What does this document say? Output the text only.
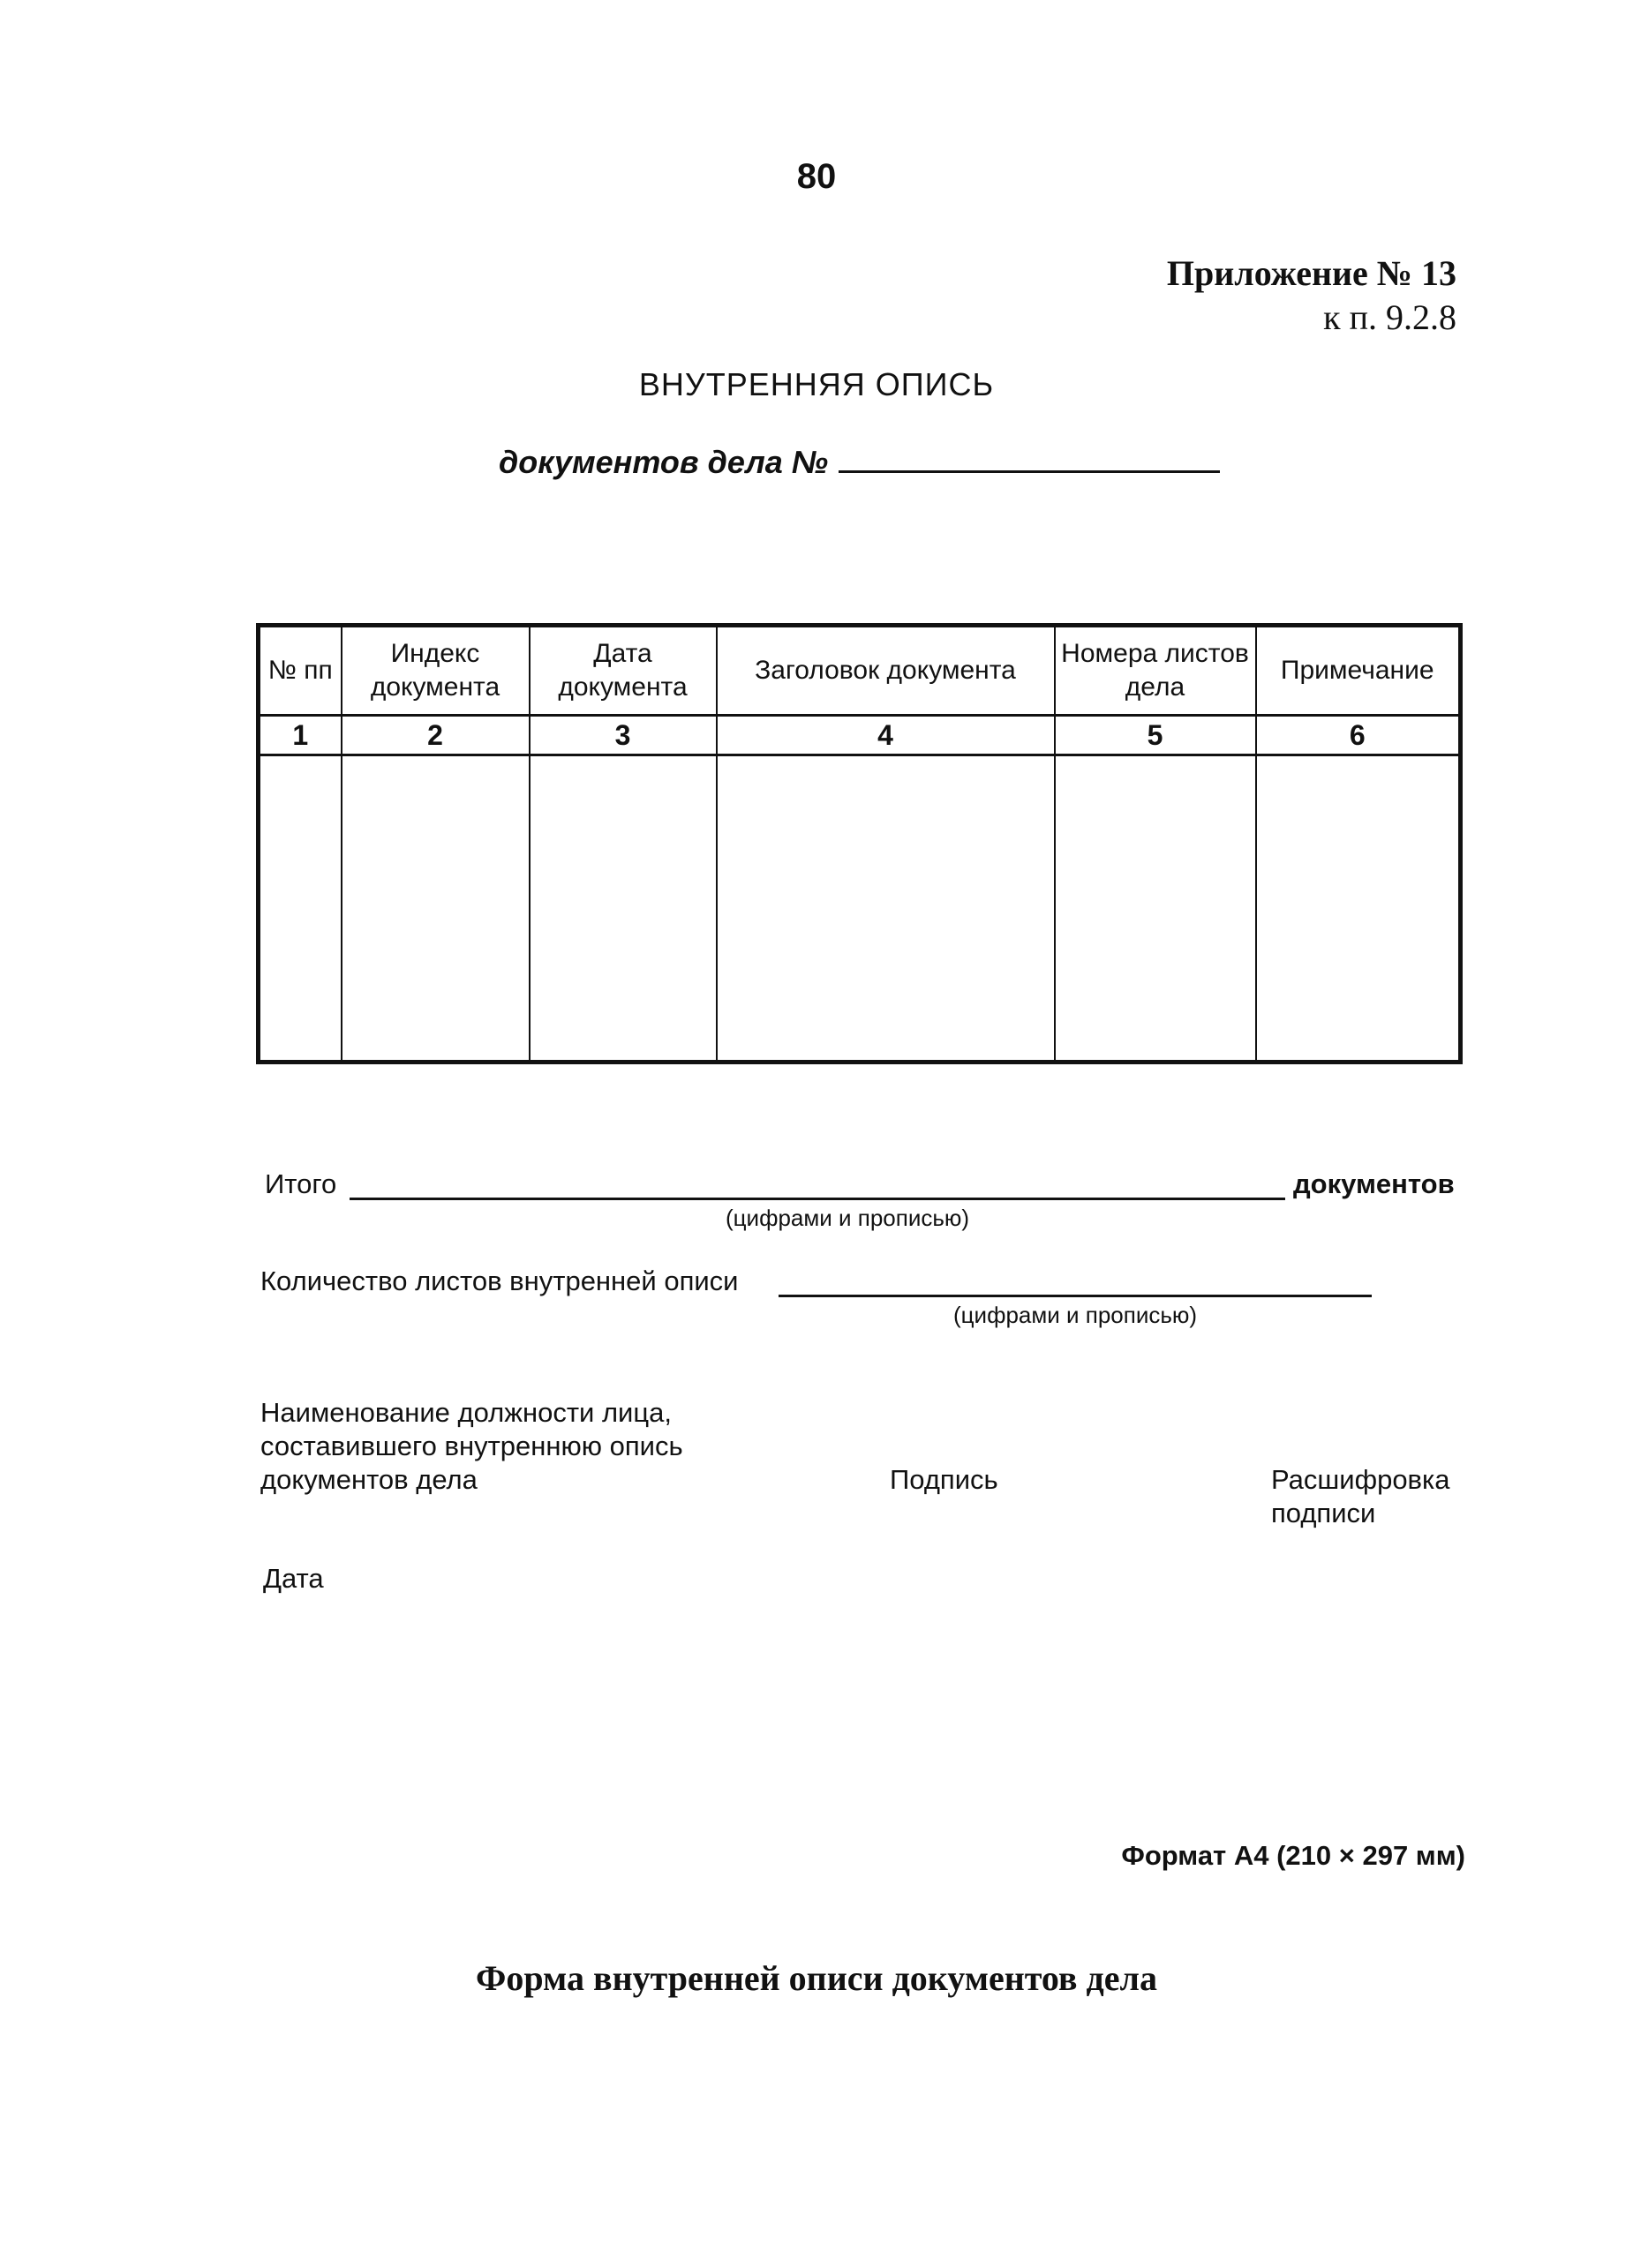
80
Приложение № 13
к п. 9.2.8
ВНУТРЕННЯЯ ОПИСЬ
документов дела №
№ пп	Индекс документа	Дата документа	Заголовок документа	Номера листов дела	Примечание
1	2	3	4	5	6

Итого	документов
(цифрами и прописью)
Количество листов внутренней описи
(цифрами и прописью)
Наименование должности лица, составившего внутреннюю опись документов дела	Подпись	Расшифровка подписи
Дата
Формат А4 (210 × 297 мм)
Форма внутренней описи документов дела
